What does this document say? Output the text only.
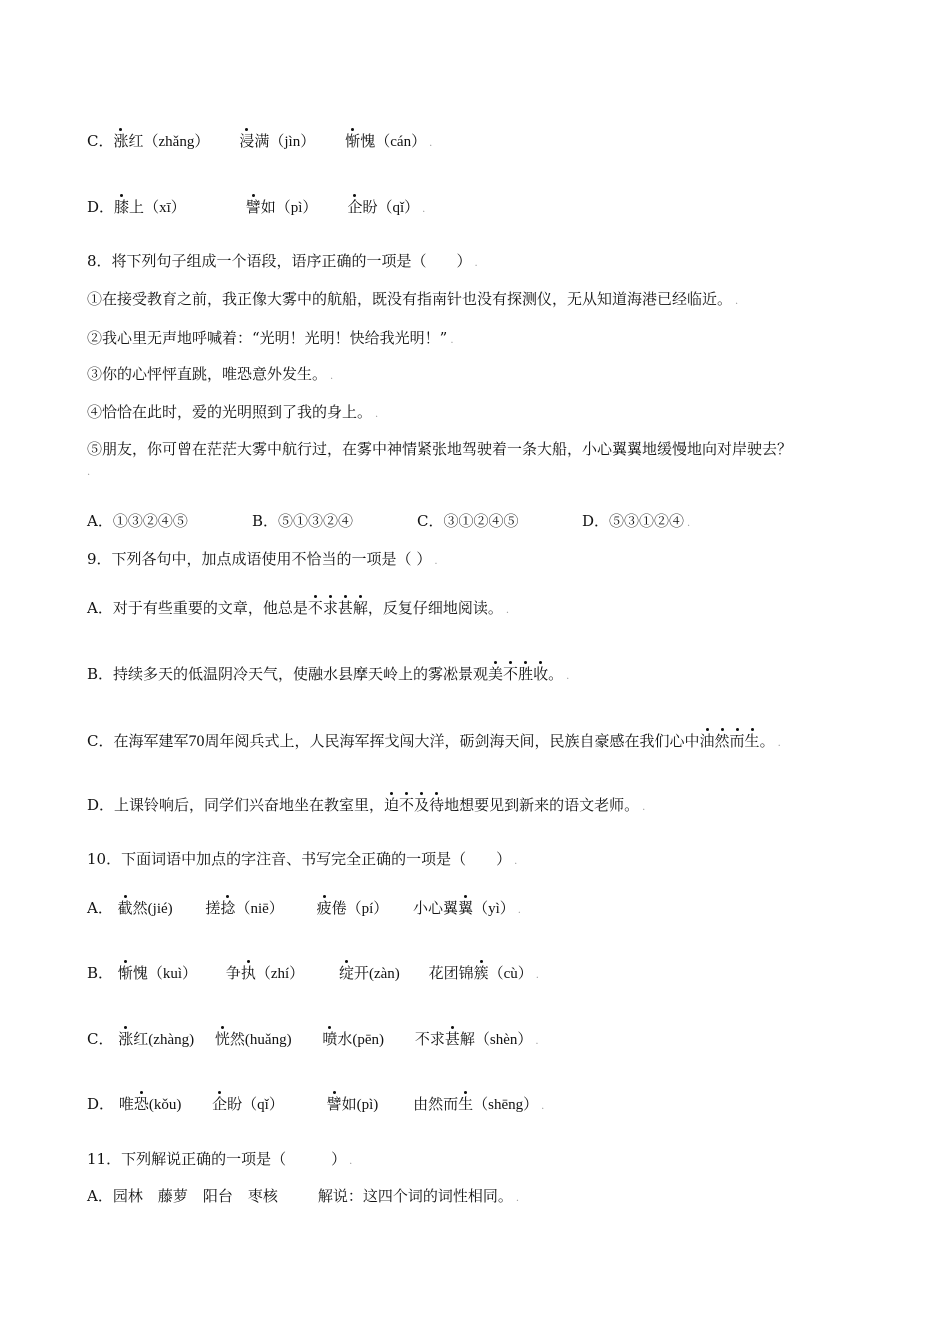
C．涨红（zhǎng） 浸满（jìn） 惭愧（cán） .
D．膝上（xī）	譬如（pì） 企盼（qǐ） .
8．将下列句子组成一个语段，语序正确的一项是（　　） .
①在接受教育之前，我正像大雾中的航船，既没有指南针也没有探测仪，无从知道海港已经临近。 .
②我心里无声地呼喊着：“光明！光明！快给我光明！” .
③你的心怦怦直跳，唯恐意外发生。 .
④恰恰在此时，爱的光明照到了我的身上。 .
⑤朋友，你可曾在茫茫大雾中航行过，在雾中神情紧张地驾驶着一条大船，小心翼翼地缓慢地向对岸驶去？
.
A．①③②④⑤	B．⑤①③②④	C．③①②④⑤	D．⑤③①②④ .
9．下列各句中，加点成语使用不恰当的一项是（ ） .
A．对于有些重要的文章，他总是不求甚解，反复仔细地阅读。 .
B．持续多天的低温阴冷天气，使融水县摩天岭上的雾凇景观美不胜收。 .
C．在海军建军70周年阅兵式上，人民海军挥戈闯大洋，砺剑海天间，民族自豪感在我们心中油然而生。 .
D．上课铃响后，同学们兴奋地坐在教室里，迫不及待地想要见到新来的语文老师。 .
10．下面词语中加点的字注音、书写完全正确的一项是（　　） .
A． 截然(jié) 搓捻（niē） 疲倦（pí） 小心翼翼（yì） .
B． 惭愧（kuì） 争执（zhí） 绽开(zàn) 花团锦簇（cù） .
C． 涨红(zhàng) 恍然(huǎng) 喷水(pēn) 不求甚解（shèn） .
D． 唯恐(kǒu) 企盼（qǐ）	譬如(pì) 由然而生（shēng） .
11．下列解说正确的一项是（　　　） .
A．园林　藤萝　阳台　枣核	解说：这四个词的词性相同。 .
